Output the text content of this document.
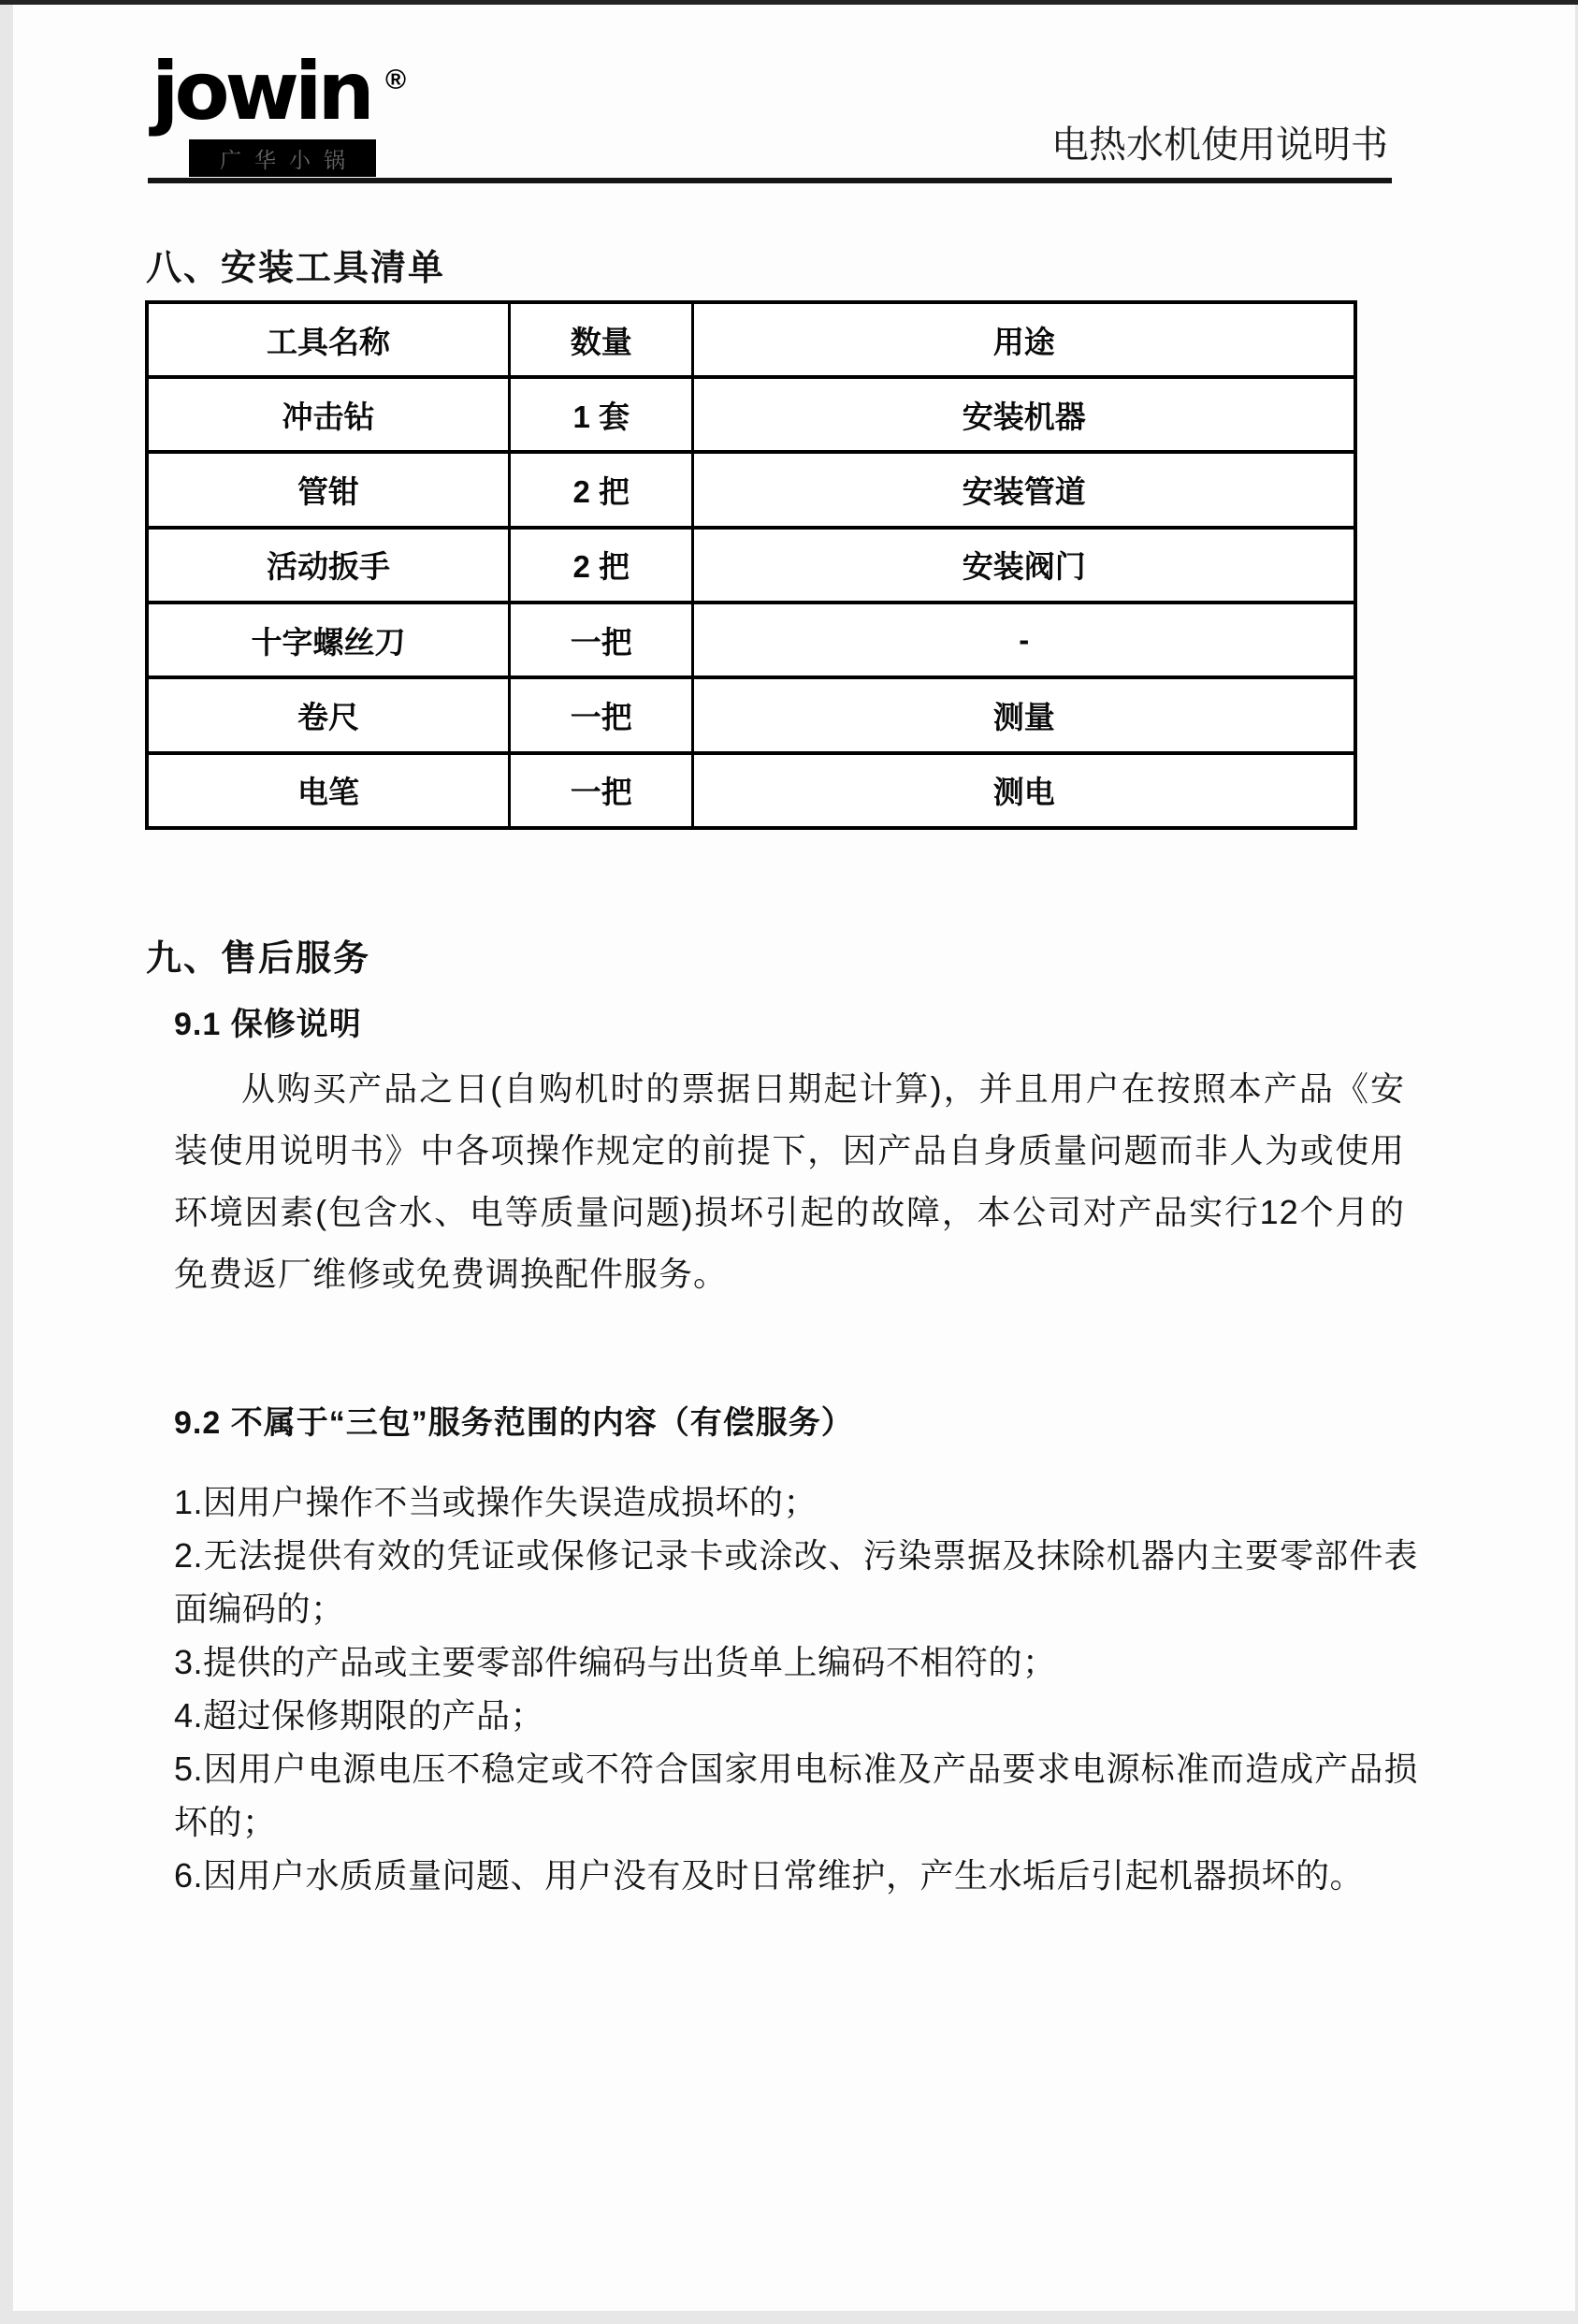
jowin ®
广华小锅	电热水机使用说明书
八、安装工具清单
工具名称	数量	用途
冲击钻	1 套	安装机器
管钳	2 把	安装管道
活动扳手	2 把	安装阀门
十字螺丝刀	一把	-
卷尺	一把	测量
电笔	一把	测电
九、售后服务
9.1 保修说明
从购买产品之日(自购机时的票据日期起计算)，并且用户在按照本产品《安装使用说明书》中各项操作规定的前提下，因产品自身质量问题而非人为或使用环境因素(包含水、电等质量问题)损坏引起的故障，本公司对产品实行12个月的免费返厂维修或免费调换配件服务。
9.2 不属于“三包”服务范围的内容（有偿服务）
1.因用户操作不当或操作失误造成损坏的；
2.无法提供有效的凭证或保修记录卡或涂改、污染票据及抹除机器内主要零部件表面编码的；
3.提供的产品或主要零部件编码与出货单上编码不相符的；
4.超过保修期限的产品；
5.因用户电源电压不稳定或不符合国家用电标准及产品要求电源标准而造成产品损坏的；
6.因用户水质质量问题、用户没有及时日常维护，产生水垢后引起机器损坏的。
